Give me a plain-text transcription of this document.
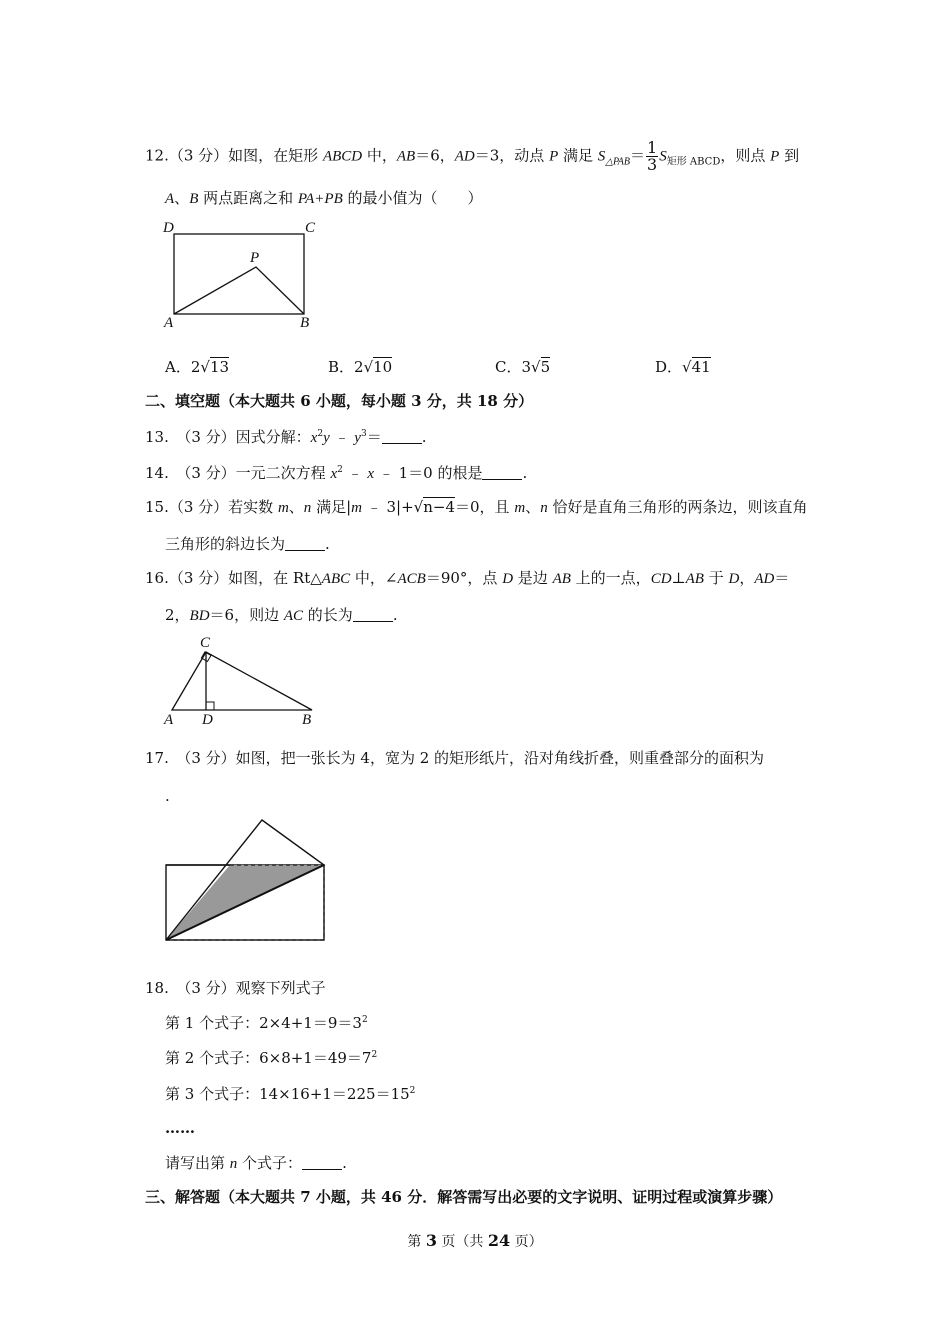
12.（3 分）如图，在矩形 ABCD 中，AB＝6，AD＝3，动点 P 满足 $S_{\triangle PAB}= \frac{1}{3} S_{矩形 ABCD}$，则点 P 到
A、B 两点距离之和 PA+PB 的最小值为（　　）
D	C
P
A	B
A．2√13	B．2√10	C．3√5	D．√41
二、填空题（本大题共 6 小题，每小题 3 分，共 18 分）
13.　（3 分）因式分解：$x^2y$ ﹣ $y^3=$	.
14.　（3 分）一元二次方程 $x^2$ ﹣ x ﹣ 1＝0 的根是	.
15.（3 分）若实数 m、n 满足|m ﹣ 3|+√n−4＝0，且 m、n 恰好是直角三角形的两条边，则该直角
三角形的斜边长为	.
16.（3 分）如图，在 Rt△ABC 中，∠ACB＝90°，点 D 是边 AB 上的一点，CD⊥AB 于 D，AD＝
2，BD＝6，则边 AC 的长为	.
C
A D	B
17.　（3 分）如图，把一张长为 4，宽为 2 的矩形纸片，沿对角线折叠，则重叠部分的面积为
.
18.　（3 分）观察下列式子
第 1 个式子：$2\times 4+1=9=3^2$
第 2 个式子：$6\times 8+1=49=7^2$
第 3 个式子：$14\times 16+1=225=15^2$
……
请写出第 n 个式子：	.
三、解答题（本大题共 7 小题，共 46 分．解答需写出必要的文字说明、证明过程或演算步骤）
第 3 页（共 24 页）
